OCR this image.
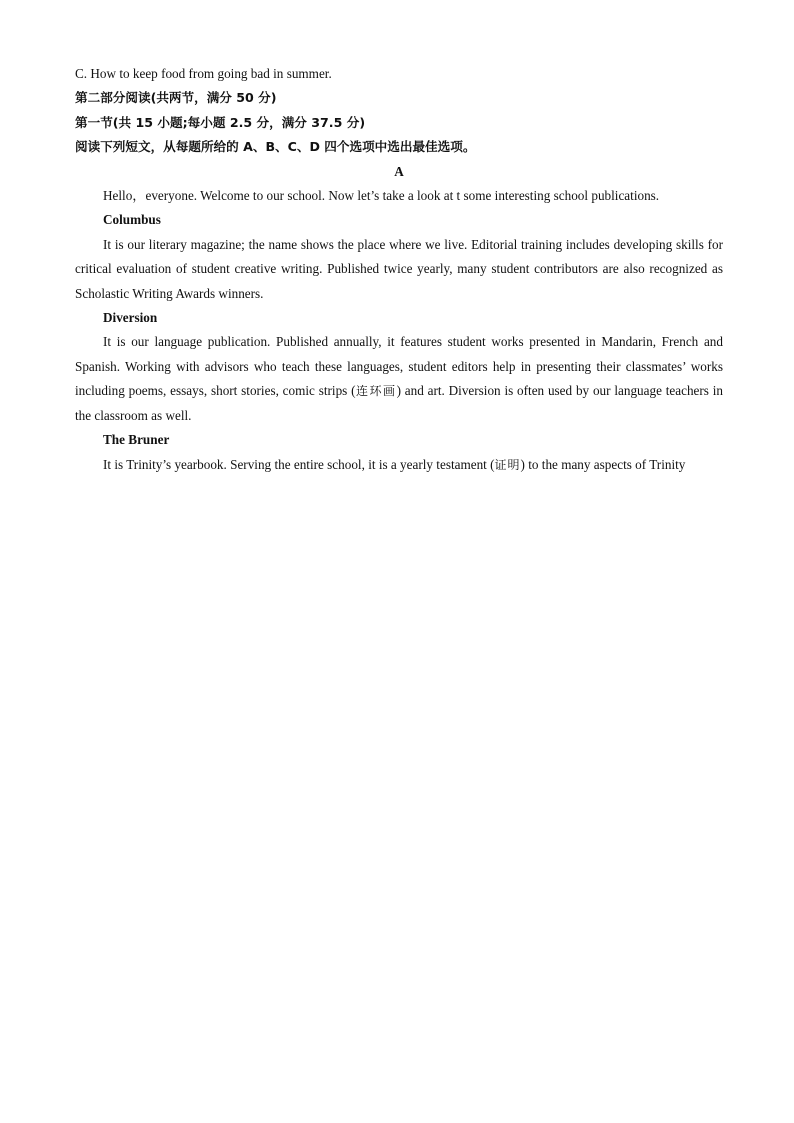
C. How to keep food from going bad in summer.
第二部分阅读(共两节，满分 50 分)
第一节(共 15 小题;每小题 2.5 分，满分 37.5 分)
阅读下列短文，从每题所给的 A、B、C、D 四个选项中选出最佳选项。
A

Hello，everyone. Welcome to our school. Now let’s take a look at t some interesting school publications.

Columbus

It is our literary magazine; the name shows the place where we live. Editorial training includes developing skills for critical evaluation of student creative writing. Published twice yearly, many student contributors are also recognized as Scholastic Writing Awards winners.

Diversion

It is our language publication. Published annually, it features student works presented in Mandarin, French and Spanish. Working with advisors who teach these languages, student editors help in presenting their classmates’ works including poems, essays, short stories, comic strips (连环画) and art. Diversion is often used by our language teachers in the classroom as well.

The Bruner

It is Trinity’s yearbook. Serving the entire school, it is a yearly testament (证明) to the many aspects of Trinity
